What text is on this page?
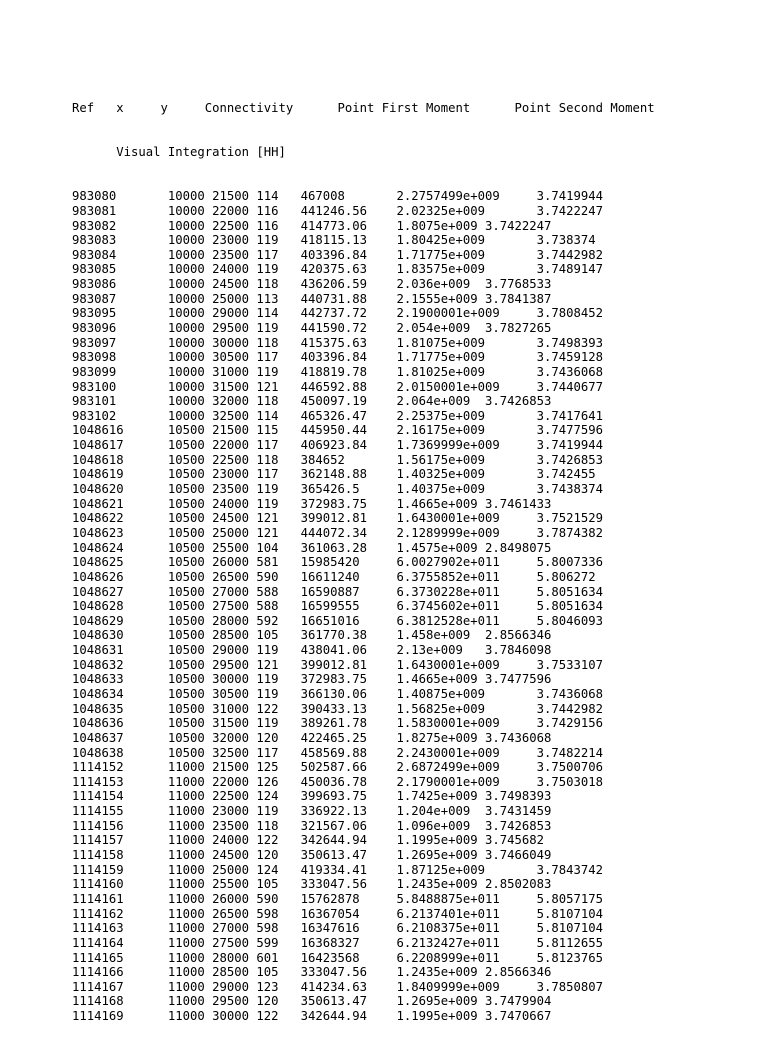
Ref   x     y     Connectivity      Point First Moment      Point Second Moment

Visual Integration [HH]

983080       10000 21500 114   467008       2.2757499e+009     3.7419944
983081       10000 22000 116   441246.56    2.02325e+009       3.7422247
983082       10000 22500 116   414773.06    1.8075e+009 3.7422247
983083       10000 23000 119   418115.13    1.80425e+009       3.738374
983084       10000 23500 117   403396.84    1.71775e+009       3.7442982
983085       10000 24000 119   420375.63    1.83575e+009       3.7489147
983086       10000 24500 118   436206.59    2.036e+009  3.7768533
983087       10000 25000 113   440731.88    2.1555e+009 3.7841387
983095       10000 29000 114   442737.72    2.1900001e+009     3.7808452
983096       10000 29500 119   441590.72    2.054e+009  3.7827265
983097       10000 30000 118   415375.63    1.81075e+009       3.7498393
983098       10000 30500 117   403396.84    1.71775e+009       3.7459128
983099       10000 31000 119   418819.78    1.81025e+009       3.7436068
983100       10000 31500 121   446592.88    2.0150001e+009     3.7440677
983101       10000 32000 118   450097.19    2.064e+009  3.7426853
983102       10000 32500 114   465326.47    2.25375e+009       3.7417641
1048616      10500 21500 115   445950.44    2.16175e+009       3.7477596
1048617      10500 22000 117   406923.84    1.7369999e+009     3.7419944
1048618      10500 22500 118   384652       1.56175e+009       3.7426853
1048619      10500 23000 117   362148.88    1.40325e+009       3.742455
1048620      10500 23500 119   365426.5     1.40375e+009       3.7438374
1048621      10500 24000 119   372983.75    1.4665e+009 3.7461433
1048622      10500 24500 121   399012.81    1.6430001e+009     3.7521529
1048623      10500 25000 121   444072.34    2.1289999e+009     3.7874382
1048624      10500 25500 104   361063.28    1.4575e+009 2.8498075
1048625      10500 26000 581   15985420     6.0027902e+011     5.8007336
1048626      10500 26500 590   16611240     6.3755852e+011     5.806272
1048627      10500 27000 588   16590887     6.3730228e+011     5.8051634
1048628      10500 27500 588   16599555     6.3745602e+011     5.8051634
1048629      10500 28000 592   16651016     6.3812528e+011     5.8046093
1048630      10500 28500 105   361770.38    1.458e+009  2.8566346
1048631      10500 29000 119   438041.06    2.13e+009   3.7846098
1048632      10500 29500 121   399012.81    1.6430001e+009     3.7533107
1048633      10500 30000 119   372983.75    1.4665e+009 3.7477596
1048634      10500 30500 119   366130.06    1.40875e+009       3.7436068
1048635      10500 31000 122   390433.13    1.56825e+009       3.7442982
1048636      10500 31500 119   389261.78    1.5830001e+009     3.7429156
1048637      10500 32000 120   422465.25    1.8275e+009 3.7436068
1048638      10500 32500 117   458569.88    2.2430001e+009     3.7482214
1114152      11000 21500 125   502587.66    2.6872499e+009     3.7500706
1114153      11000 22000 126   450036.78    2.1790001e+009     3.7503018
1114154      11000 22500 124   399693.75    1.7425e+009 3.7498393
1114155      11000 23000 119   336922.13    1.204e+009  3.7431459
1114156      11000 23500 118   321567.06    1.096e+009  3.7426853
1114157      11000 24000 122   342644.94    1.1995e+009 3.745682
1114158      11000 24500 120   350613.47    1.2695e+009 3.7466049
1114159      11000 25000 124   419334.41    1.87125e+009       3.7843742
1114160      11000 25500 105   333047.56    1.2435e+009 2.8502083
1114161      11000 26000 590   15762878     5.8488875e+011     5.8057175
1114162      11000 26500 598   16367054     6.2137401e+011     5.8107104
1114163      11000 27000 598   16347616     6.2108375e+011     5.8107104
1114164      11000 27500 599   16368327     6.2132427e+011     5.8112655
1114165      11000 28000 601   16423568     6.2208999e+011     5.8123765
1114166      11000 28500 105   333047.56    1.2435e+009 2.8566346
1114167      11000 29000 123   414234.63    1.8409999e+009     3.7850807
1114168      11000 29500 120   350613.47    1.2695e+009 3.7479904
1114169      11000 30000 122   342644.94    1.1995e+009 3.7470667
